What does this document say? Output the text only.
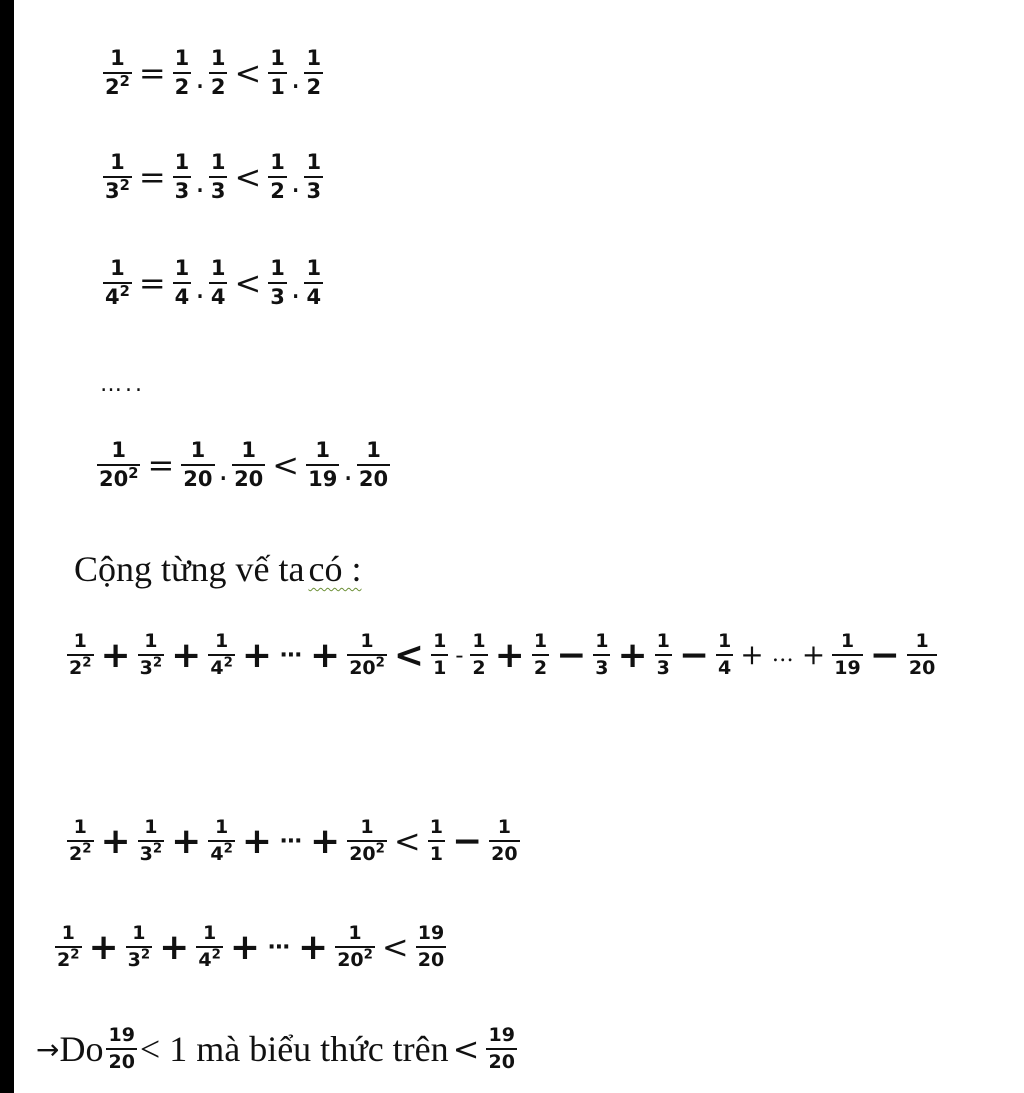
$\frac{1}{2^2} = \frac{1}{2}$ . $\frac{1}{2} < \frac{1}{1}$ . $\frac{1}{2}$
$\frac{1}{3^2} = \frac{1}{3}$ . $\frac{1}{3} < \frac{1}{2}$ . $\frac{1}{3}$
$\frac{1}{4^2} = \frac{1}{4}$ . $\frac{1}{4} < \frac{1}{3}$ . $\frac{1}{4}$
…..
$\frac{1}{20^2} = \frac{1}{20}$ . $\frac{1}{20} < \frac{1}{19}$ . $\frac{1}{20}$
Cộng từng vế ta
có :
$\frac{1}{2^2} + \frac{1}{3^2} + \frac{1}{4^2}$ + ⋯ + $\frac{1}{20^2} < \frac{1}{1} - \frac{1}{2} + \frac{1}{2} - \frac{1}{3} + \frac{1}{3} - \frac{1}{4}$ + … + $\frac{1}{19} - \frac{1}{20}$
$\frac{1}{2^2} + \frac{1}{3^2} + \frac{1}{4^2}$ + ⋯ + $\frac{1}{20^2} < \frac{1}{1} - \frac{1}{20}$
$\frac{1}{2^2} + \frac{1}{3^2} + \frac{1}{4^2}$ + ⋯ + $\frac{1}{20^2} < \frac{19}{20}$
→ Do $\frac{19}{20} < 1$ mà biểu thức trên < $\frac{19}{20}$
